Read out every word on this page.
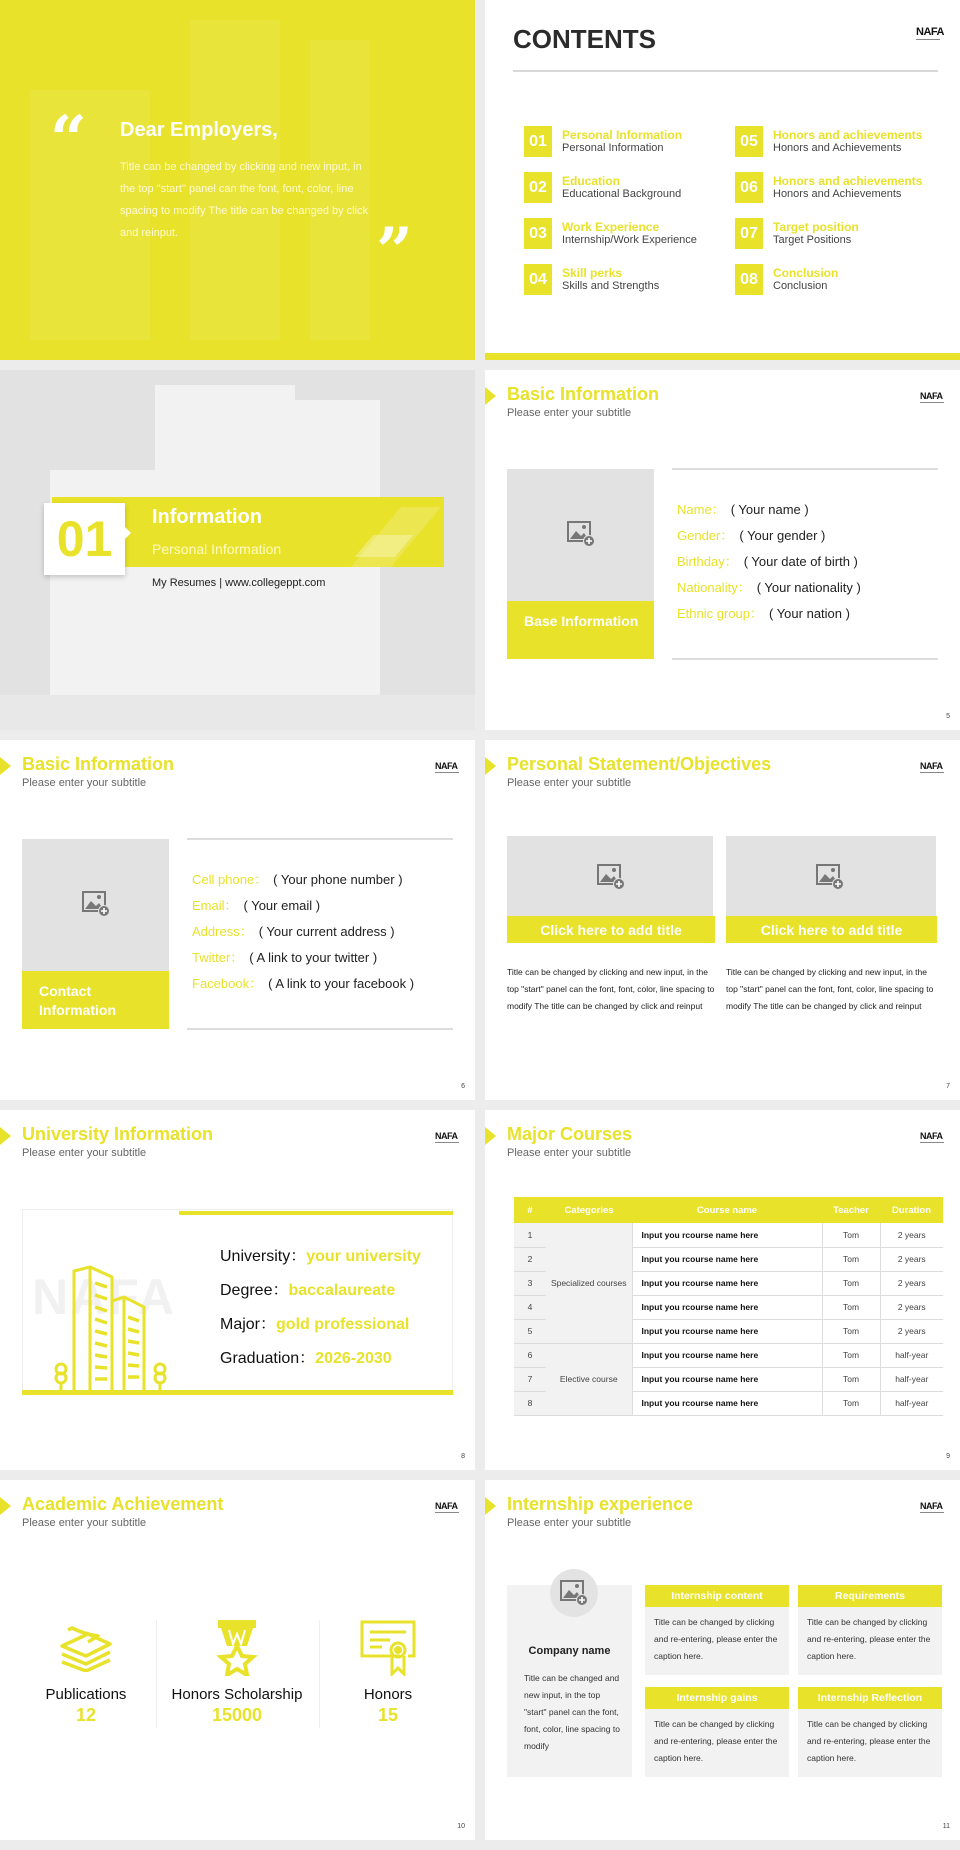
“ Dear Employers,
Title can be changed by clicking and new input, in the top "start" panel can the font, font, color, line spacing to modify The title can be changed by click and reinput.	”
CONTENTS	NAFA
01	Personal Information
Personal Information
02	Education
Educational Background
03	Work Experience
Internship/Work Experience
04	Skill perks
Skills and Strengths
05	Honors and achievements
Honors and Achievements
06	Honors and achievements
Honors and Achievements
07	Target position
Target Positions
08	Conclusion
Conclusion
01	Information
Personal Information
My Resumes | www.collegeppt.com
Basic Information
Please enter your subtitle
NAFA
Base Information
Name： ( Your name )
Gender： ( Your gender )
Birthday： ( Your date of birth )
Nationality： ( Your nationality )
Ethnic group： ( Your nation )
5
Basic Information
Please enter your subtitle
NAFA
Contact Information
Cell phone： ( Your phone number )
Email： ( Your email )
Address： ( Your current address )
Twitter： ( A link to your twitter )
Facebook： ( A link to your facebook )
6
Personal Statement/Objectives
Please enter your subtitle
NAFA
Click here to add title
Title can be changed by clicking and new input, in the top "start" panel can the font, font, color, line spacing to modify The title can be changed by click and reinput
Click here to add title
Title can be changed by clicking and new input, in the top "start" panel can the font, font, color, line spacing to modify The title can be changed by click and reinput
7
University Information
Please enter your subtitle
NAFA
NAFA
University：your university
Degree：baccalaureate
Major：gold professional
Graduation：2026-2030
8
Major Courses
Please enter your subtitle
NAFA
#	Categories	Course name	Teacher	Duration
1	Specialized courses	Input you rcourse name here	Tom	2 years
2		Input you rcourse name here	Tom	2 years
3		Input you rcourse name here	Tom	2 years
4		Input you rcourse name here	Tom	2 years
5		Input you rcourse name here	Tom	2 years
6	Elective course	Input you rcourse name here	Tom	half-year
7		Input you rcourse name here	Tom	half-year
8		Input you rcourse name here	Tom	half-year
9
Academic Achievement
Please enter your subtitle
NAFA
Publications
12
Honors Scholarship
15000
Honors
15
10
Internship experience
Please enter your subtitle
NAFA
Company name
Title can be changed and new input, in the top "start" panel can the font, font, color, line spacing to modify
Internship content
Title can be changed by clicking and re-entering, please enter the caption here.
Requirements
Title can be changed by clicking and re-entering, please enter the caption here.
Internship gains
Title can be changed by clicking and re-entering, please enter the caption here.
Internship Reflection
Title can be changed by clicking and re-entering, please enter the caption here.
11
